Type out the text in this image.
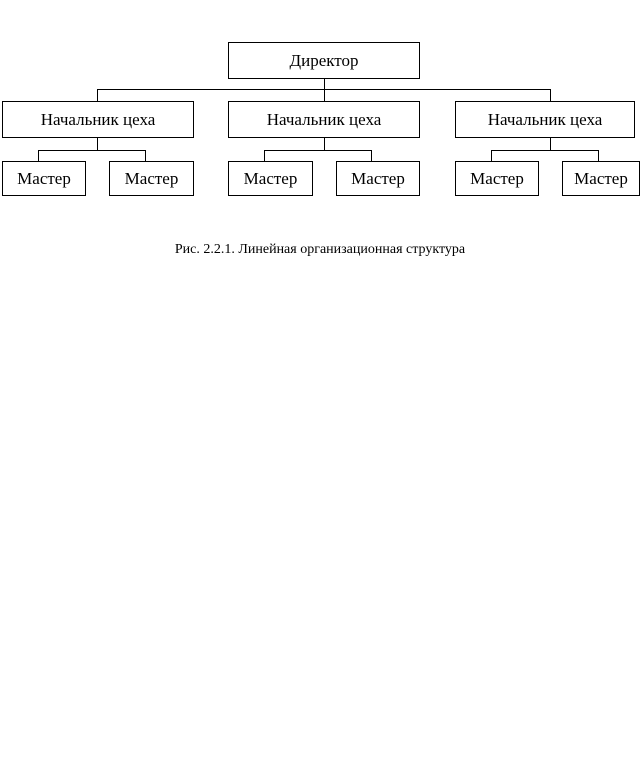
Директор
Начальник цеха	Начальник цеха	Начальник цеха
Мастер	Мастер	Мастер	Мастер	Мастер	Мастер
Рис. 2.2.1. Линейная организационная структура
